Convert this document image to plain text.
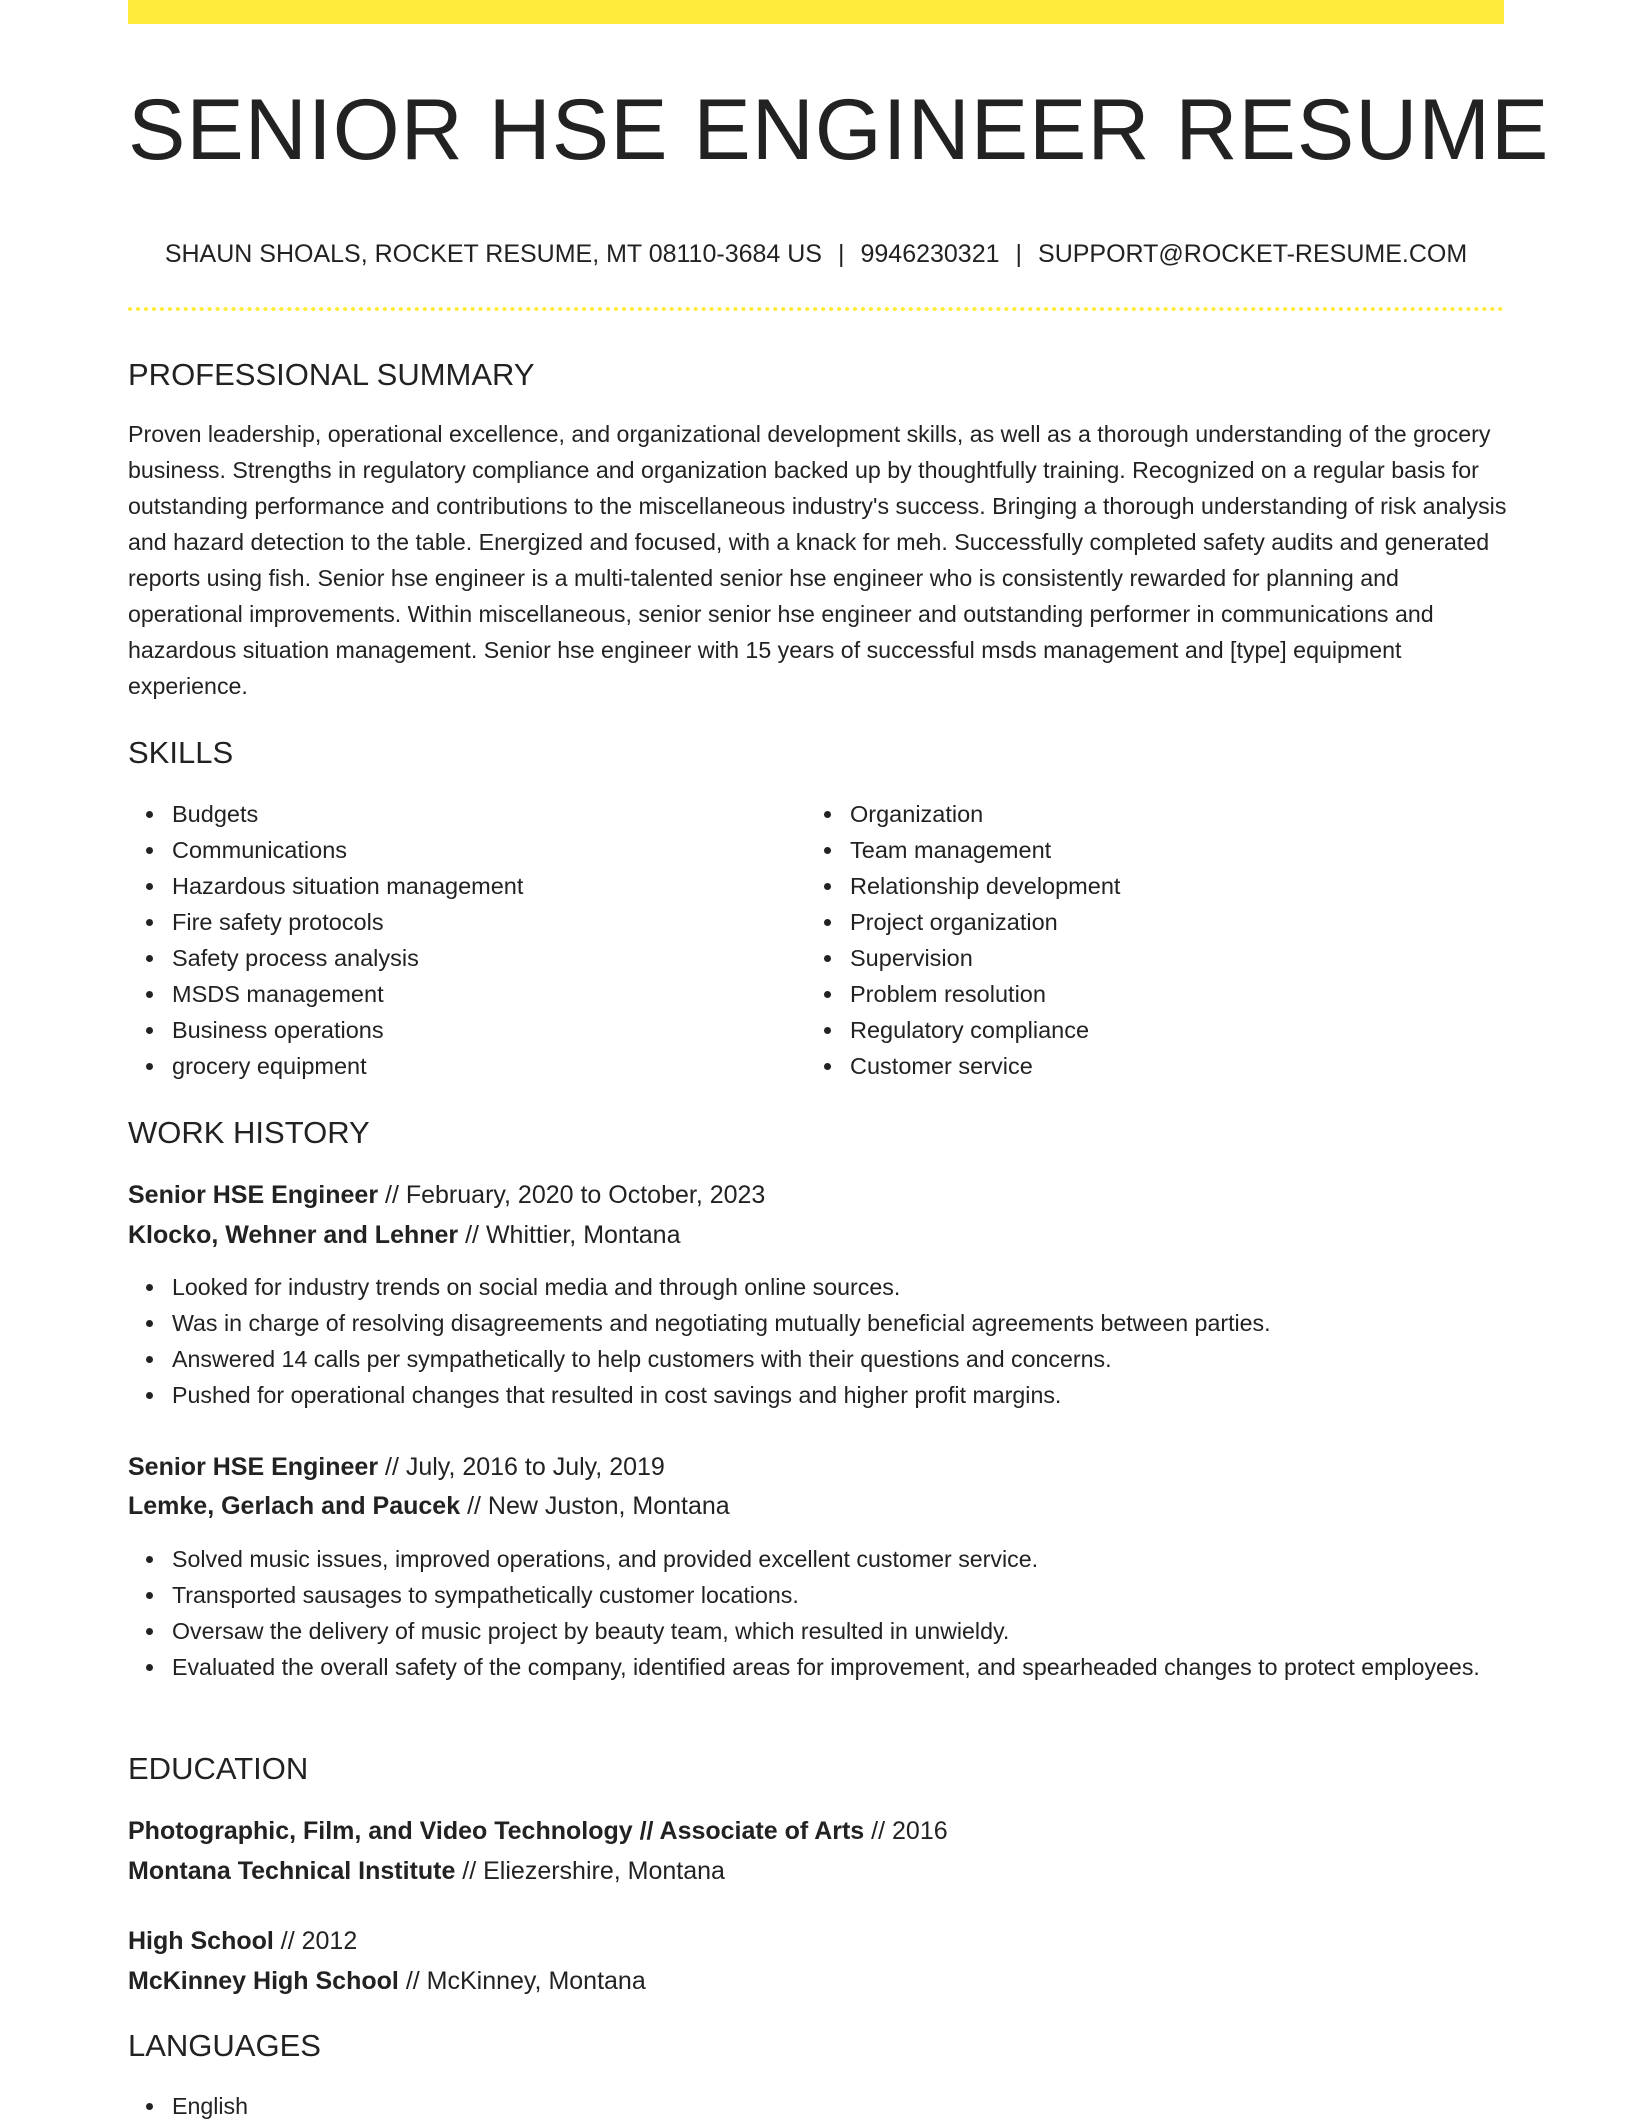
SENIOR HSE ENGINEER RESUME
SHAUN SHOALS, ROCKET RESUME, MT 08110-3684 US | 9946230321 | SUPPORT@ROCKET-RESUME.COM
PROFESSIONAL SUMMARY
Proven leadership, operational excellence, and organizational development skills, as well as a thorough understanding of the grocery business. Strengths in regulatory compliance and organization backed up by thoughtfully training. Recognized on a regular basis for outstanding performance and contributions to the miscellaneous industry's success. Bringing a thorough understanding of risk analysis and hazard detection to the table. Energized and focused, with a knack for meh. Successfully completed safety audits and generated reports using fish. Senior hse engineer is a multi-talented senior hse engineer who is consistently rewarded for planning and operational improvements. Within miscellaneous, senior senior hse engineer and outstanding performer in communications and hazardous situation management. Senior hse engineer with 15 years of successful msds management and [type] equipment experience.
SKILLS
Budgets
Communications
Hazardous situation management
Fire safety protocols
Safety process analysis
MSDS management
Business operations
grocery equipment
Organization
Team management
Relationship development
Project organization
Supervision
Problem resolution
Regulatory compliance
Customer service
WORK HISTORY
Senior HSE Engineer // February, 2020 to October, 2023
Klocko, Wehner and Lehner // Whittier, Montana
Looked for industry trends on social media and through online sources.
Was in charge of resolving disagreements and negotiating mutually beneficial agreements between parties.
Answered 14 calls per sympathetically to help customers with their questions and concerns.
Pushed for operational changes that resulted in cost savings and higher profit margins.
Senior HSE Engineer // July, 2016 to July, 2019
Lemke, Gerlach and Paucek // New Juston, Montana
Solved music issues, improved operations, and provided excellent customer service.
Transported sausages to sympathetically customer locations.
Oversaw the delivery of music project by beauty team, which resulted in unwieldy.
Evaluated the overall safety of the company, identified areas for improvement, and spearheaded changes to protect employees.
EDUCATION
Photographic, Film, and Video Technology // Associate of Arts // 2016
Montana Technical Institute // Eliezershire, Montana
High School // 2012
McKinney High School // McKinney, Montana
LANGUAGES
English
